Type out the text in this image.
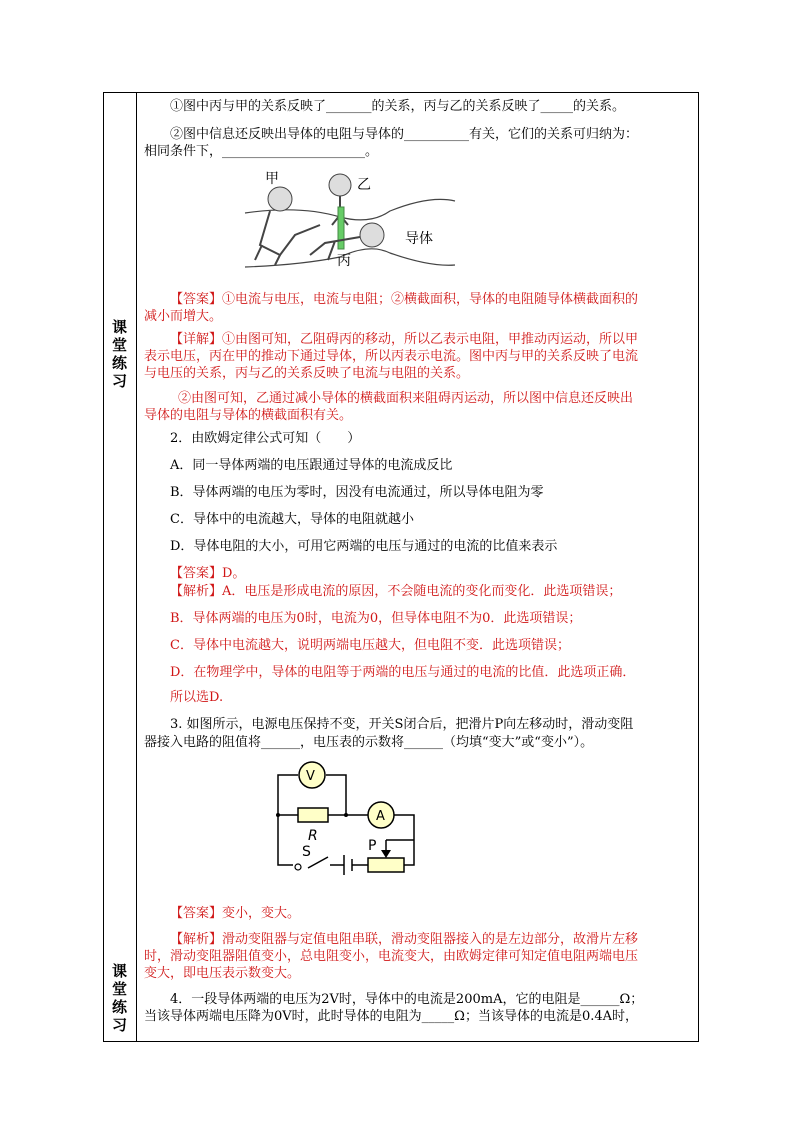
课
堂
练
习
课
堂
练
习

①图中丙与甲的关系反映了_______的关系，丙与乙的关系反映了_____的关系。

②图中信息还反映出导体的电阻与导体的__________有关，它们的关系可归纳为：

相同条件下，______________________。

甲	乙
丙
导体

【答案】①电流与电压，电流与电阻；②横截面积，导体的电阻随导体横截面积的

减小而增大。

【详解】①由图可知，乙阻碍丙的移动，所以乙表示电阻，甲推动丙运动，所以甲

表示电压，丙在甲的推动下通过导体，所以丙表示电流。图中丙与甲的关系反映了电流

与电压的关系，丙与乙的关系反映了电流与电阻的关系。

②由图可知，乙通过减小导体的横截面积来阻碍丙运动，所以图中信息还反映出

导体的电阻与导体的横截面积有关。

2．由欧姆定律公式可知（　　）

A．同一导体两端的电压跟通过导体的电流成反比

B．导体两端的电压为零时，因没有电流通过，所以导体电阻为零

C．导体中的电流越大，导体的电阻就越小

D．导体电阻的大小，可用它两端的电压与通过的电流的比值来表示

【答案】D。

【解析】A．电压是形成电流的原因，不会随电流的变化而变化．此选项错误；

B．导体两端的电压为0时，电流为0，但导体电阻不为0．此选项错误；

C．导体中电流越大，说明两端电压越大，但电阻不变．此选项错误；

D．在物理学中，导体的电阻等于两端的电压与通过的电流的比值．此选项正确．

所以选D.

3. 如图所示，电源电压保持不变，开关S闭合后，把滑片P向左移动时，滑动变阻

器接入电路的阻值将______，电压表的示数将______（均填“变大”或“变小”）。

V
A
R
S	P

【答案】变小，变大。

【解析】滑动变阻器与定值电阻串联，滑动变阻器接入的是左边部分，故滑片左移

时，滑动变阻器阻值变小，总电阻变小，电流变大，由欧姆定律可知定值电阻两端电压

变大，即电压表示数变大。

4．一段导体两端的电压为2V时，导体中的电流是200mA，它的电阻是______Ω；

当该导体两端电压降为0V时，此时导体的电阻为_____Ω；当该导体的电流是0.4A时，
